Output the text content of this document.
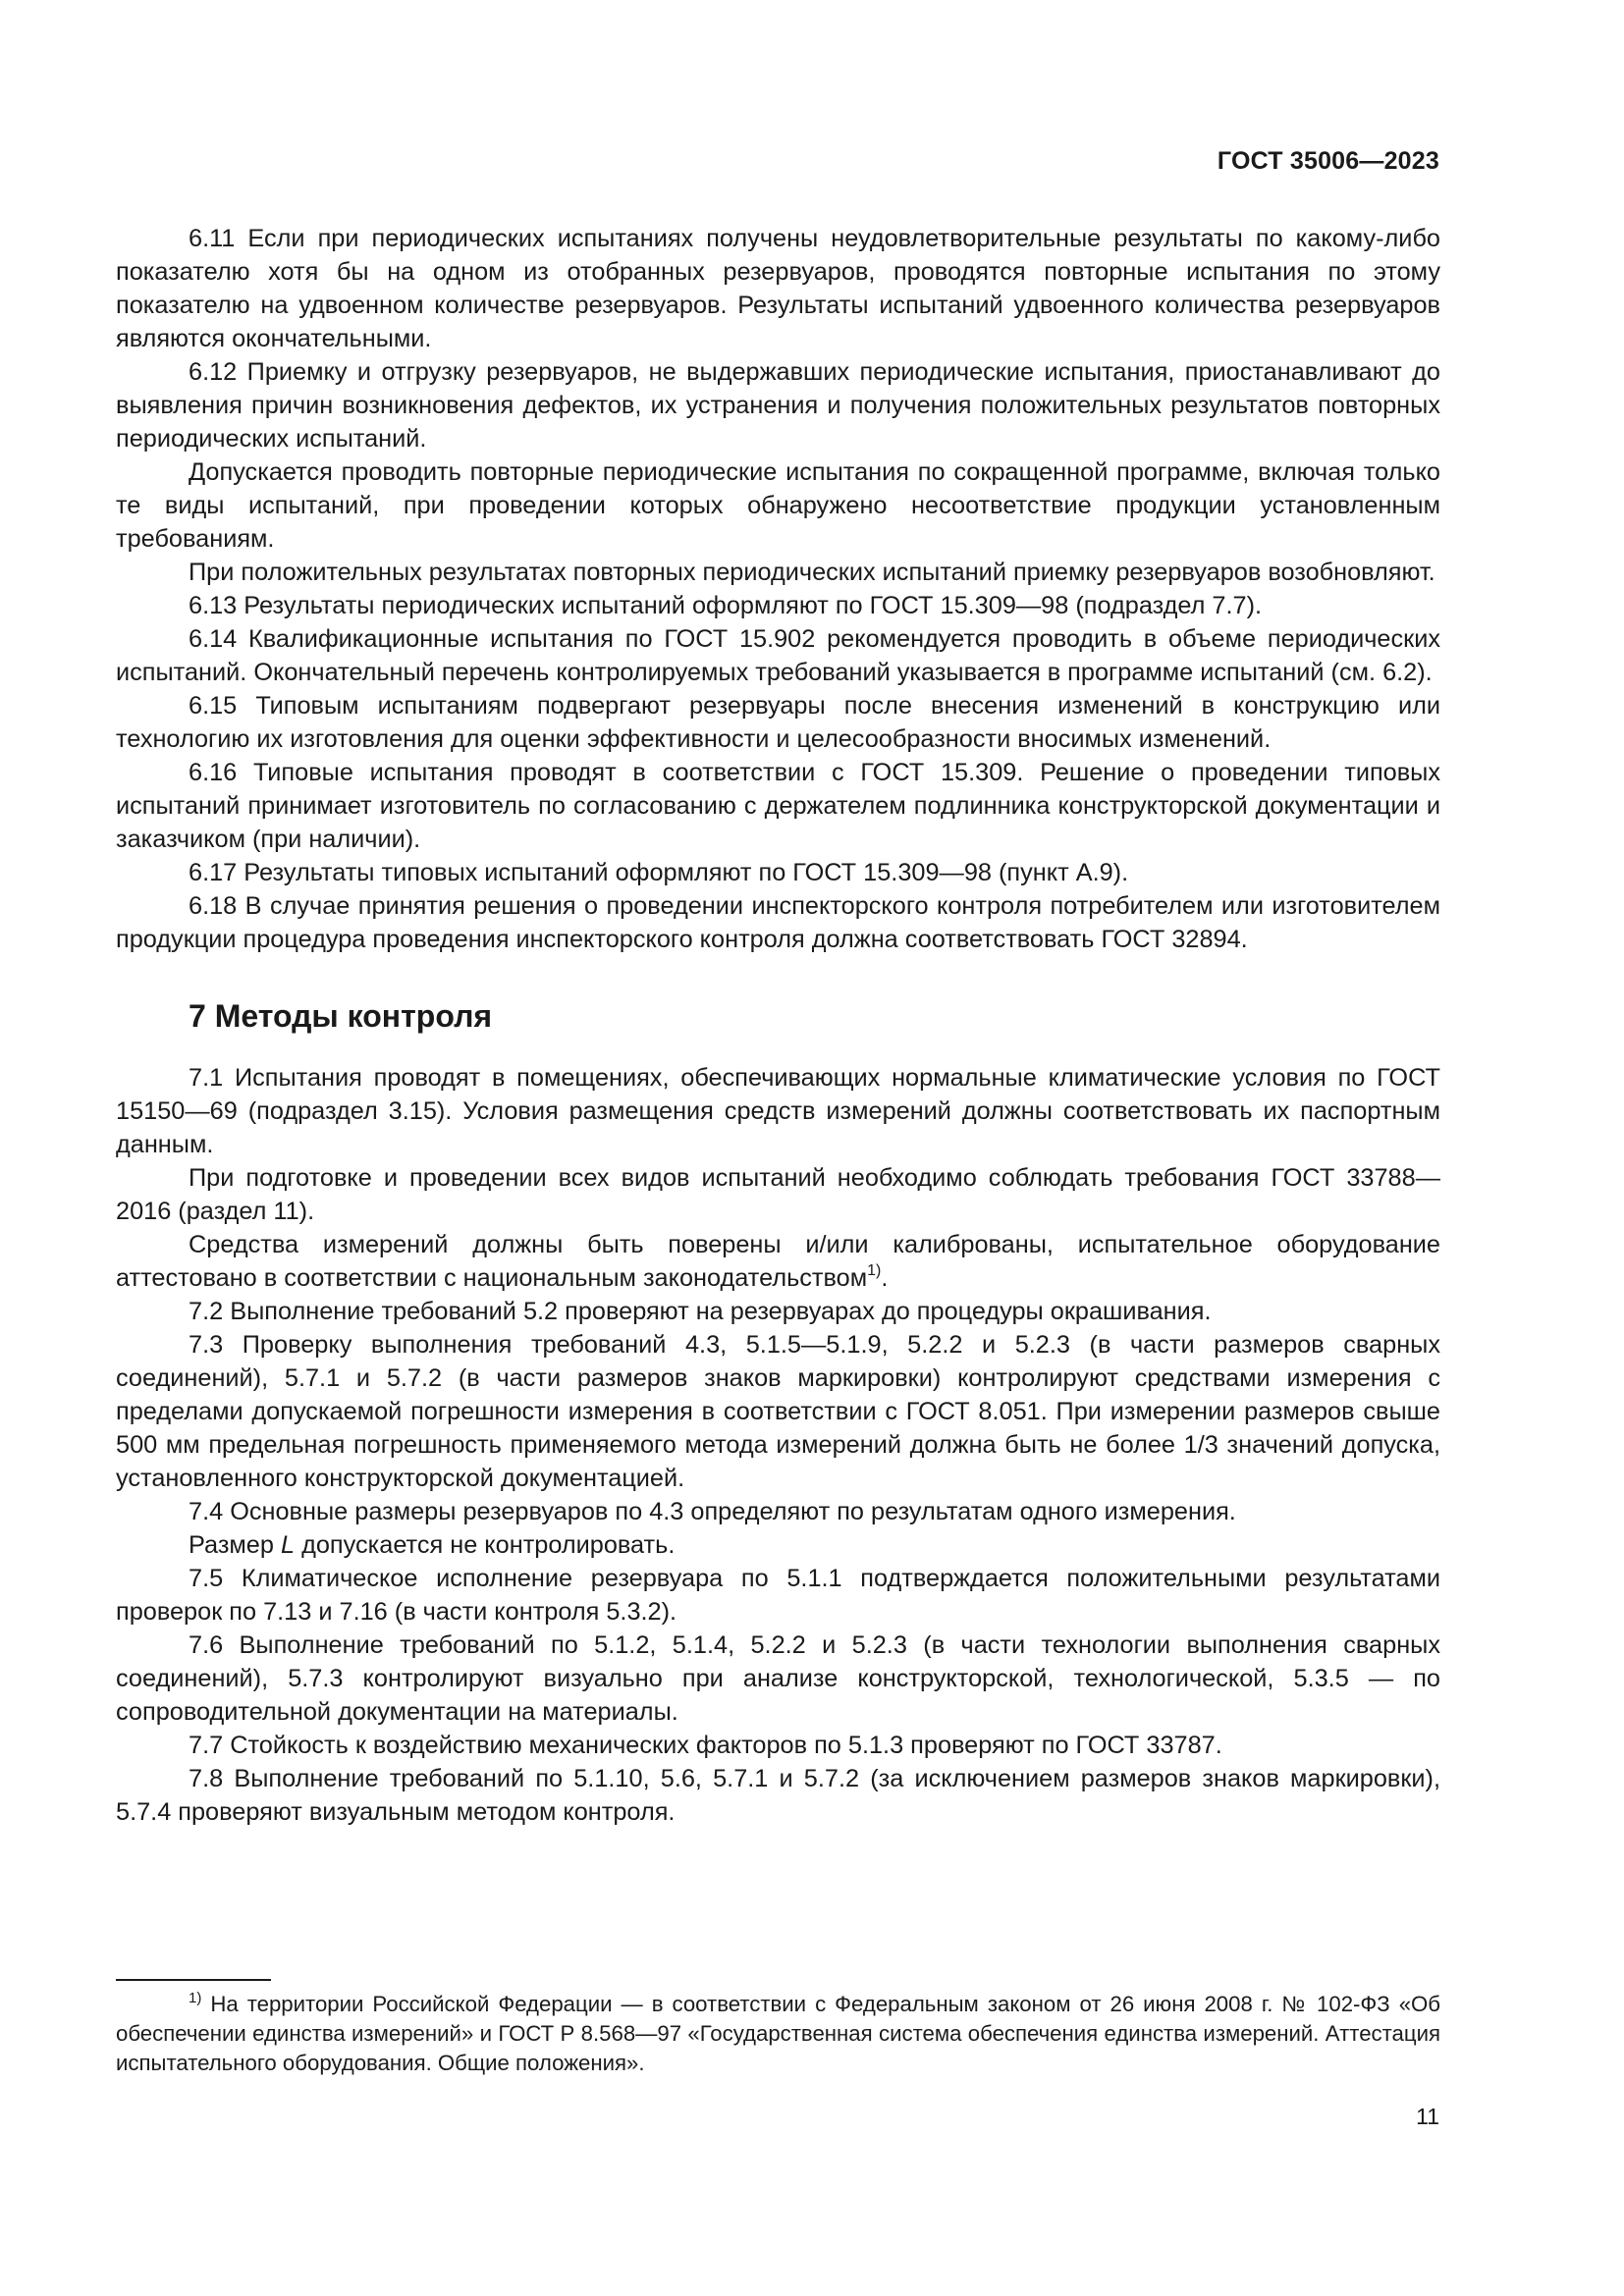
ГОСТ 35006—2023

6.11 Если при периодических испытаниях получены неудовлетворительные результаты по какому-либо показателю хотя бы на одном из отобранных резервуаров, проводятся повторные испытания по этому показателю на удвоенном количестве резервуаров. Результаты испытаний удвоенного количества резервуаров являются окончательными.

6.12 Приемку и отгрузку резервуаров, не выдержавших периодические испытания, приостанавливают до выявления причин возникновения дефектов, их устранения и получения положительных результатов повторных периодических испытаний.

Допускается проводить повторные периодические испытания по сокращенной программе, включая только те виды испытаний, при проведении которых обнаружено несоответствие продукции установленным требованиям.

При положительных результатах повторных периодических испытаний приемку резервуаров возобновляют.

6.13 Результаты периодических испытаний оформляют по ГОСТ 15.309—98 (подраздел 7.7).

6.14 Квалификационные испытания по ГОСТ 15.902 рекомендуется проводить в объеме периодических испытаний. Окончательный перечень контролируемых требований указывается в программе испытаний (см. 6.2).

6.15 Типовым испытаниям подвергают резервуары после внесения изменений в конструкцию или технологию их изготовления для оценки эффективности и целесообразности вносимых изменений.

6.16 Типовые испытания проводят в соответствии с ГОСТ 15.309. Решение о проведении типовых испытаний принимает изготовитель по согласованию с держателем подлинника конструкторской документации и заказчиком (при наличии).

6.17 Результаты типовых испытаний оформляют по ГОСТ 15.309—98 (пункт А.9).

6.18 В случае принятия решения о проведении инспекторского контроля потребителем или изготовителем продукции процедура проведения инспекторского контроля должна соответствовать ГОСТ 32894.

7 Методы контроля

7.1 Испытания проводят в помещениях, обеспечивающих нормальные климатические условия по ГОСТ 15150—69 (подраздел 3.15). Условия размещения средств измерений должны соответствовать их паспортным данным.

При подготовке и проведении всех видов испытаний необходимо соблюдать требования ГОСТ 33788—2016 (раздел 11).

Средства измерений должны быть поверены и/или калиброваны, испытательное оборудование аттестовано в соответствии с национальным законодательством$^{1)}$.

7.2 Выполнение требований 5.2 проверяют на резервуарах до процедуры окрашивания.

7.3 Проверку выполнения требований 4.3, 5.1.5—5.1.9, 5.2.2 и 5.2.3 (в части размеров сварных соединений), 5.7.1 и 5.7.2 (в части размеров знаков маркировки) контролируют средствами измерения с пределами допускаемой погрешности измерения в соответствии с ГОСТ 8.051. При измерении размеров свыше 500 мм предельная погрешность применяемого метода измерений должна быть не более 1/3 значений допуска, установленного конструкторской документацией.

7.4 Основные размеры резервуаров по 4.3 определяют по результатам одного измерения.

Размер L допускается не контролировать.

7.5 Климатическое исполнение резервуара по 5.1.1 подтверждается положительными результатами проверок по 7.13 и 7.16 (в части контроля 5.3.2).

7.6 Выполнение требований по 5.1.2, 5.1.4, 5.2.2 и 5.2.3 (в части технологии выполнения сварных соединений), 5.7.3 контролируют визуально при анализе конструкторской, технологической, 5.3.5 — по сопроводительной документации на материалы.

7.7 Стойкость к воздействию механических факторов по 5.1.3 проверяют по ГОСТ 33787.

7.8 Выполнение требований по 5.1.10, 5.6, 5.7.1 и 5.7.2 (за исключением размеров знаков маркировки), 5.7.4 проверяют визуальным методом контроля.

$^{1)}$ На территории Российской Федерации — в соответствии с Федеральным законом от 26 июня 2008 г. № 102-ФЗ «Об обеспечении единства измерений» и ГОСТ Р 8.568—97 «Государственная система обеспечения единства измерений. Аттестация испытательного оборудования. Общие положения».

11
